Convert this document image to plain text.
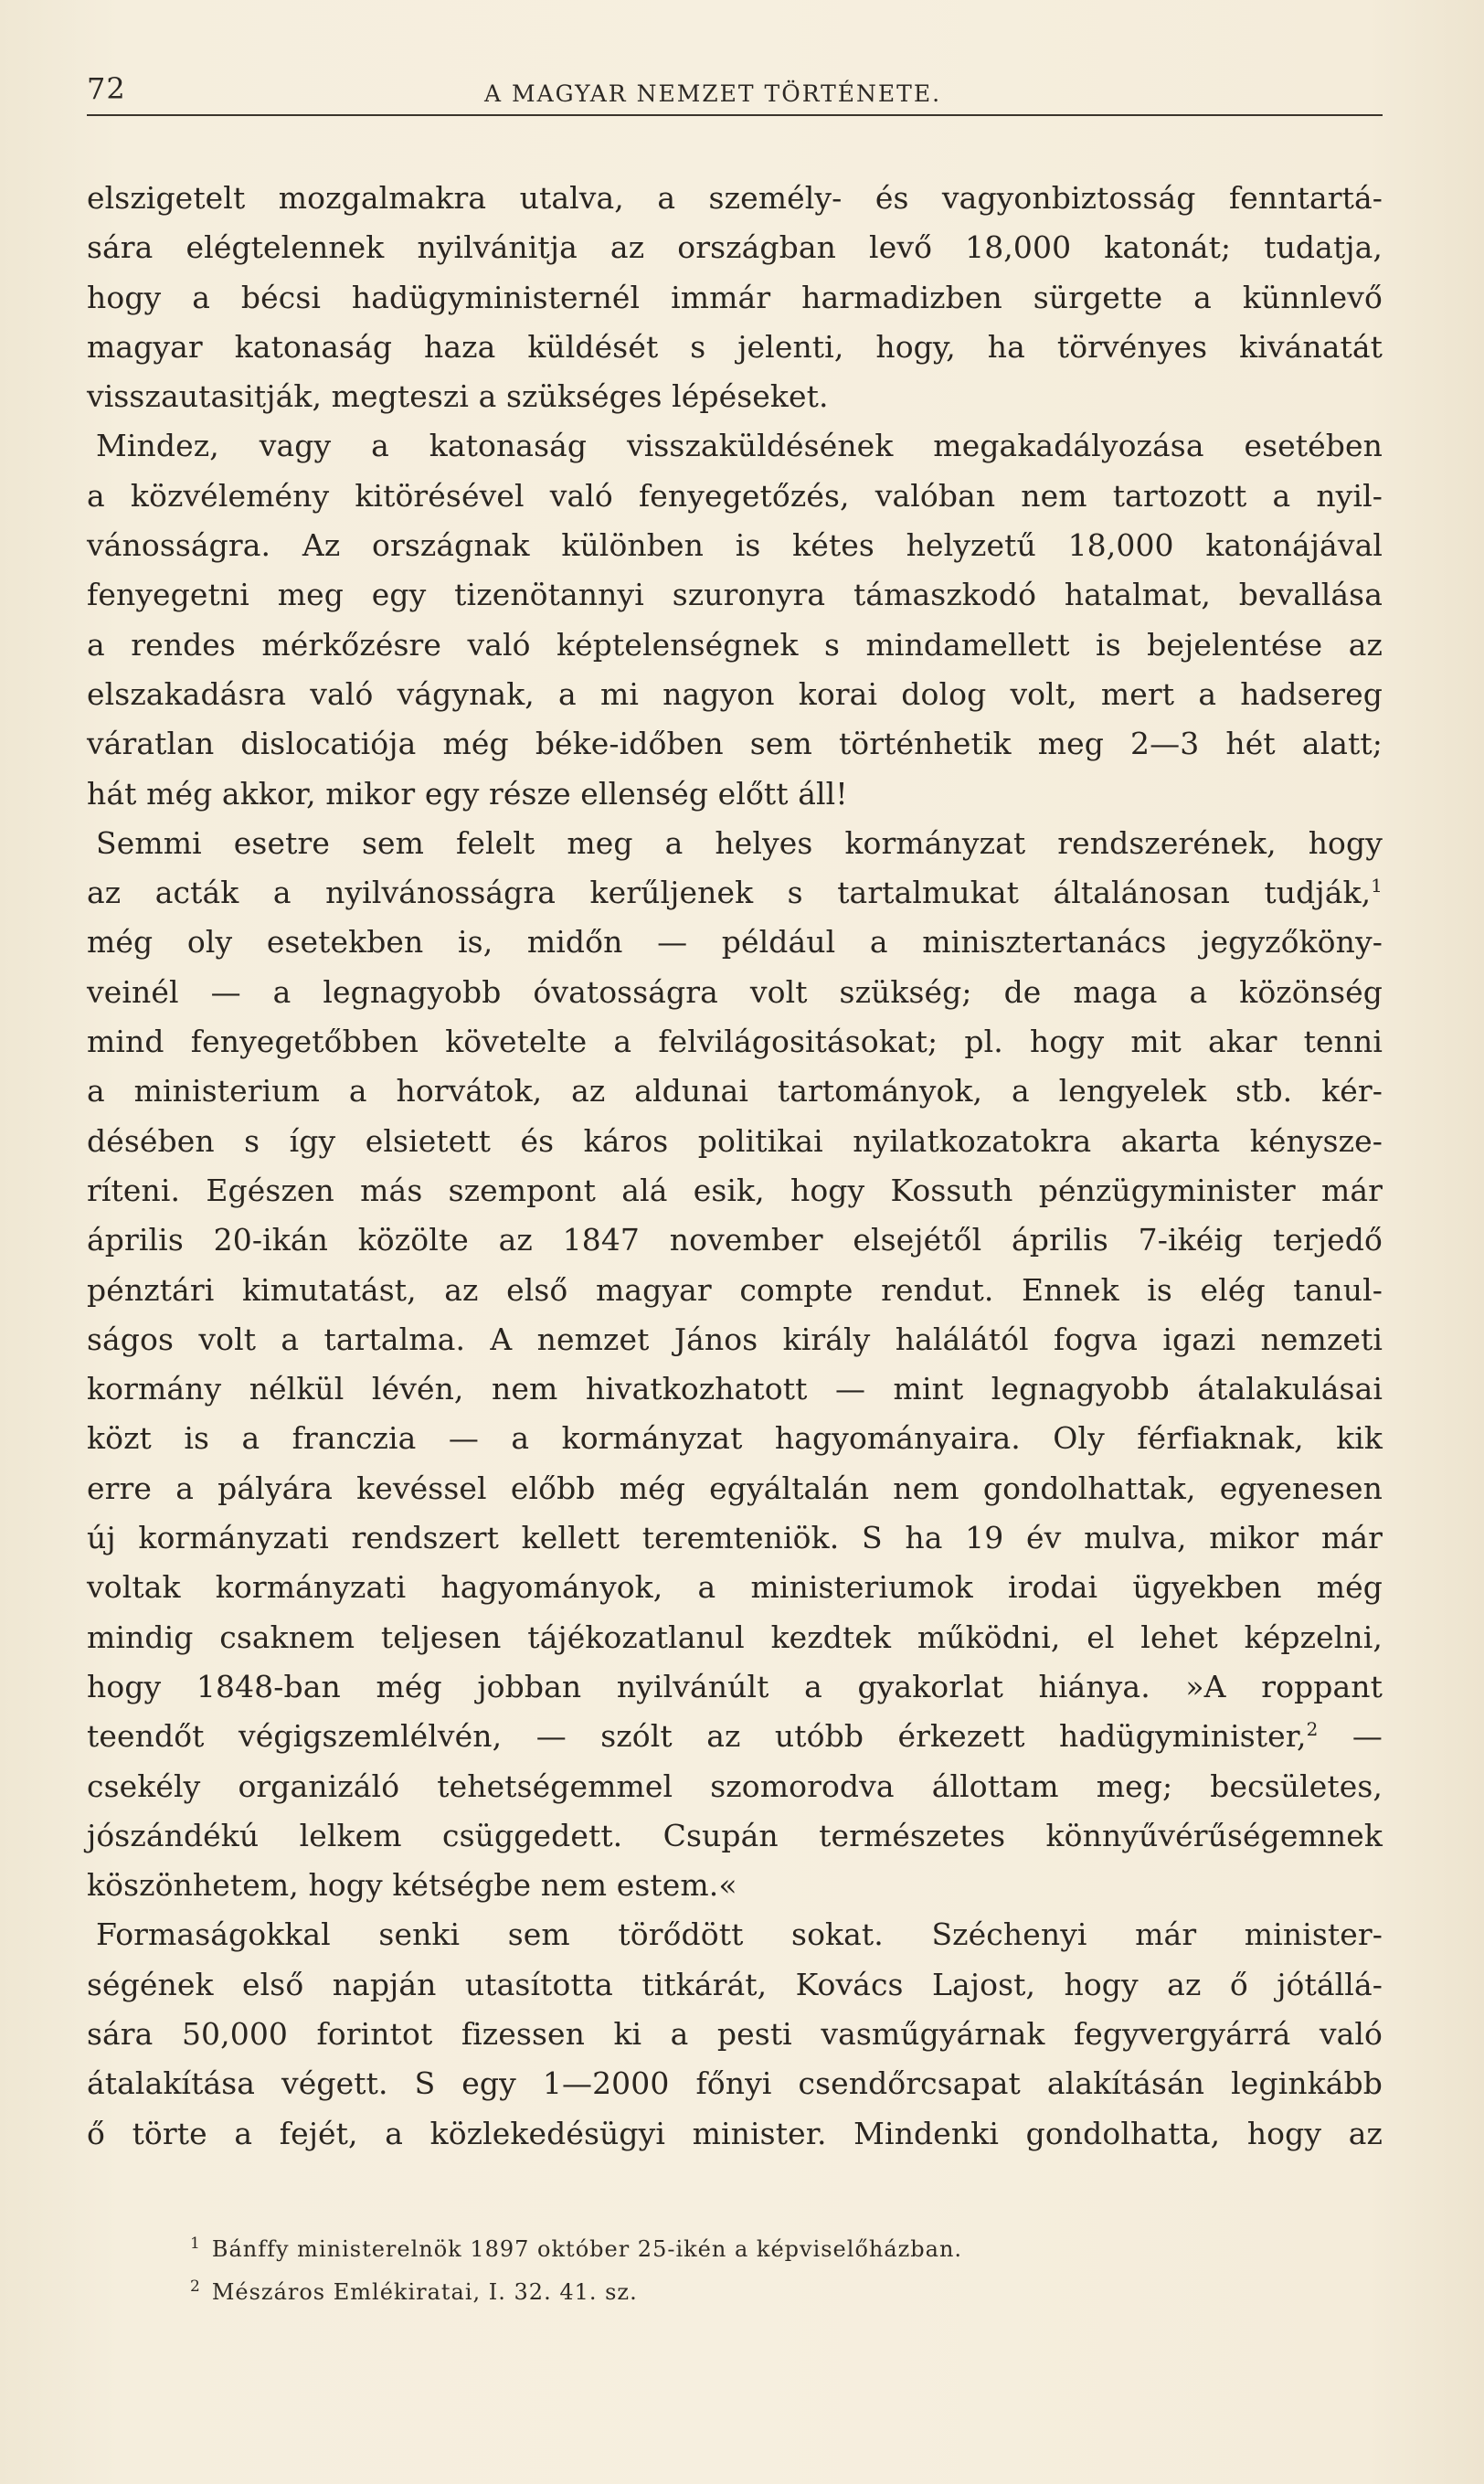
72	A MAGYAR NEMZET TÖRTÉNETE.
elszigetelt mozgalmakra utalva, a személy- és vagyonbiztosság fenntartá-
sára elégtelennek nyilvánitja az országban levő 18,000 katonát; tudatja,
hogy a bécsi hadügyministernél immár harmadizben sürgette a künnlevő
magyar katonaság haza küldését s jelenti, hogy, ha törvényes kivánatát
visszautasitják, megteszi a szükséges lépéseket.
Mindez, vagy a katonaság visszaküldésének megakadályozása esetében
a közvélemény kitörésével való fenyegetőzés, valóban nem tartozott a nyil-
vánosságra. Az országnak különben is kétes helyzetű 18,000 katonájával
fenyegetni meg egy tizenötannyi szuronyra támaszkodó hatalmat, bevallása
a rendes mérkőzésre való képtelenségnek s mindamellett is bejelentése az
elszakadásra való vágynak, a mi nagyon korai dolog volt, mert a hadsereg
váratlan dislocatiója még béke-időben sem történhetik meg 2—3 hét alatt;
hát még akkor, mikor egy része ellenség előtt áll!
Semmi esetre sem felelt meg a helyes kormányzat rendszerének, hogy
az acták a nyilvánosságra kerűljenek s tartalmukat általánosan tudják,$^1$
még oly esetekben is, midőn — például a minisztertanács jegyzőköny-
veinél — a legnagyobb óvatosságra volt szükség; de maga a közönség
mind fenyegetőbben követelte a felvilágositásokat; pl. hogy mit akar tenni
a ministerium a horvátok, az aldunai tartományok, a lengyelek stb. kér-
désében s így elsietett és káros politikai nyilatkozatokra akarta kénysze-
ríteni. Egészen más szempont alá esik, hogy Kossuth pénzügyminister már
április 20-ikán közölte az 1847 november elsejétől április 7-ikéig terjedő
pénztári kimutatást, az első magyar compte rendut. Ennek is elég tanul-
ságos volt a tartalma. A nemzet János király halálától fogva igazi nemzeti
kormány nélkül lévén, nem hivatkozhatott — mint legnagyobb átalakulásai
közt is a franczia — a kormányzat hagyományaira. Oly férfiaknak, kik
erre a pályára kevéssel előbb még egyáltalán nem gondolhattak, egyenesen
új kormányzati rendszert kellett teremteniök. S ha 19 év mulva, mikor már
voltak kormányzati hagyományok, a ministeriumok irodai ügyekben még
mindig csaknem teljesen tájékozatlanul kezdtek működni, el lehet képzelni,
hogy 1848-ban még jobban nyilvánúlt a gyakorlat hiánya. »A roppant
teendőt végigszemlélvén, — szólt az utóbb érkezett hadügyminister,$^2$ —
csekély organizáló tehetségemmel szomorodva állottam meg; becsületes,
jószándékú lelkem csüggedett. Csupán természetes könnyűvérűségemnek
köszönhetem, hogy kétségbe nem estem.«
Formaságokkal senki sem törődött sokat. Széchenyi már minister-
ségének első napján utasította titkárát, Kovács Lajost, hogy az ő jótállá-
sára 50,000 forintot fizessen ki a pesti vasműgyárnak fegyvergyárrá való
átalakítása végett. S egy 1—2000 főnyi csendőrcsapat alakításán leginkább
ő törte a fejét, a közlekedésügyi minister. Mindenki gondolhatta, hogy az
$^1$ Bánffy ministerelnök 1897 október 25-ikén a képviselőházban.
$^2$ Mészáros Emlékiratai, I. 32. 41. sz.
